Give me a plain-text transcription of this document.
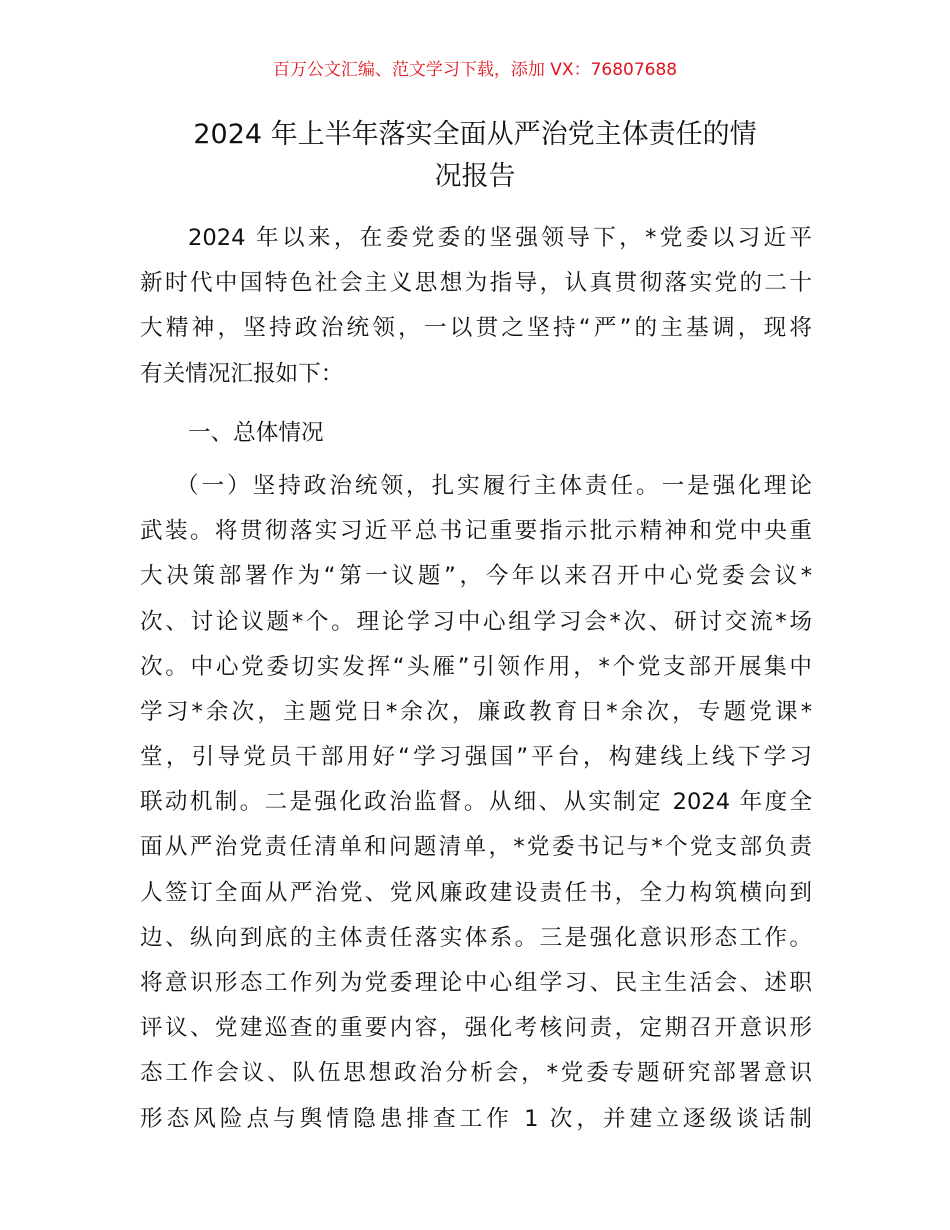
百万公文汇编、范文学习下载，添加 VX：76807688
2024 年上半年落实全面从严治党主体责任的情
况报告
2024 年以来，在委党委的坚强领导下，*党委以习近平
新时代中国特色社会主义思想为指导，认真贯彻落实党的二十
大精神，坚持政治统领，一以贯之坚持“严”的主基调，现将
有关情况汇报如下：
一、总体情况
（一）坚持政治统领，扎实履行主体责任。一是强化理论
武装。将贯彻落实习近平总书记重要指示批示精神和党中央重
大决策部署作为“第一议题”，今年以来召开中心党委会议*
次、讨论议题*个。理论学习中心组学习会*次、研讨交流*场
次。中心党委切实发挥“头雁”引领作用，*个党支部开展集中
学习*余次，主题党日*余次，廉政教育日*余次，专题党课*
堂，引导党员干部用好“学习强国”平台，构建线上线下学习
联动机制。二是强化政治监督。从细、从实制定 2024 年度全
面从严治党责任清单和问题清单，*党委书记与*个党支部负责
人签订全面从严治党、党风廉政建设责任书，全力构筑横向到
边、纵向到底的主体责任落实体系。三是强化意识形态工作。
将意识形态工作列为党委理论中心组学习、民主生活会、述职
评议、党建巡查的重要内容，强化考核问责，定期召开意识形
态工作会议、队伍思想政治分析会，*党委专题研究部署意识
形态风险点与舆情隐患排查工作 1 次，并建立逐级谈话制
